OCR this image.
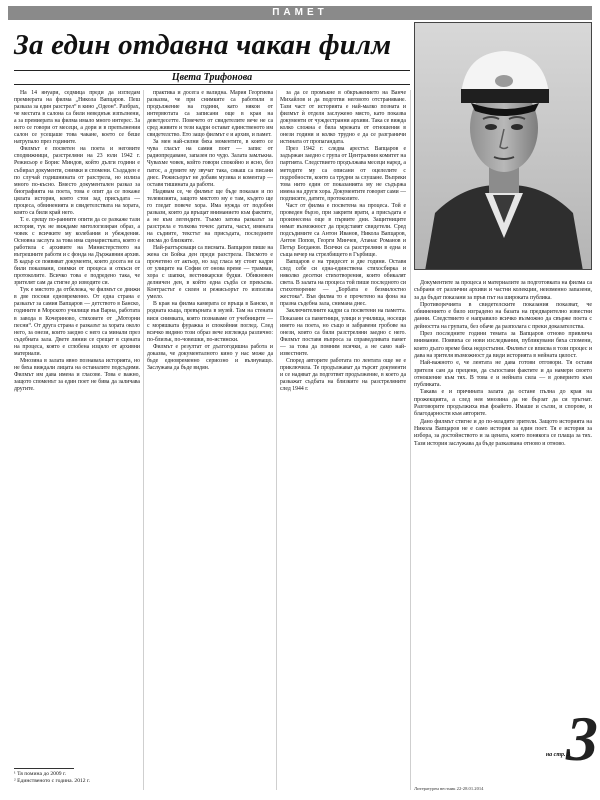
ПАМЕТ
За един отдавна чакан филм
Цвета Трифонова

На 14 януари, седмица преди да изгледам премиерата на филма „Никола Вапцаров. Пеш разказа за един разстрел“ в кино „Одеон“. Разбрах, че местата в салона са били неведнъж изпълнени, а за премиерата на филма имало много интерес. За него се говори от месеци, а дори и в препълнения салон се усещаше това чакане, което се беше натрупало през годините.

Филмът е посветен на поета и неговите сподвижници, разстреляни на 23 юли 1942 г. Режисьор е Борис Миндов, който дълги години е събирал документи, снимки и спомени. Създаден е по случай годишнината от разстрела, но излиза много по-късно. Вместо документален разказ за биографията на поета, това е опит да се покаже цялата история, която стои зад присъдата — процеса, обвиненията и свидетелствата на хората, които са били край него.

Т. е. срещу по-ранните опити да се разкаже тази история, тук не виждаме митологизиран образ, а човек с всичките му колебания и убеждения. Основна заслуга за това има сценаристката, която е работила с архивите на Министерството на вътрешните работи и с фонда на Държавния архив. В кадър се появяват документи, които досега не са били показвани, снимки от процеса и откъси от протоколите. Всичко това е подредено така, че зрителят сам да стигне до изводите си.

Тук е мястото да отбележа, че филмът се движи в две посоки едновременно. От една страна е разказът за самия Вапцаров — детството в Банско, годините в Морското училище във Варна, работата в завода в Кочериново, стиховете от „Моторни песни“. От друга страна е разказът за хората около него, за онези, които заедно с него са минали през съдебната зала. Двете линии се срещат в сцената на процеса, която е сглобена изцяло от архивни материали.

Мнозина в залата явно познаваха историята, но не бяха виждали лицата на останалите подсъдими. Филмът им дава имена и гласове. Това е важно, защото споменът за един поет не бива да заличава другите.

практика и досега е валидна. Мария Георгиева разказва, че при снимките са работили в продължение на години, като някои от интервютата са записани още в края на деветдесетте. Повечето от свидетелите вече не са сред живите и тези кадри остават единственото им свидетелство. Ето защо филмът е и архив, и памет.

За мен най-силни бяха моментите, в които се чува гласът на самия поет — запис от радиопредаване, запазен по чудо. Залата замлъкна. Чувахме човек, който говори спокойно и ясно, без патос, а думите му звучат така, сякаш са писани днес. Режисьорът не добавя музика и коментар — оставя тишината да работи.

Надявам се, че филмът ще бъде показан и по телевизията, защото мястото му е там, където ще го гледат повече хора. Има нужда от подобни разкази, които да връщат вниманието към фактите, а не към легендите. Тъкмо затова разказът за разстрела е толкова точен: датата, часът, имената на съдиите, текстът на присъдата, последните писма до близките.

Най-разтърсващи са писмата. Вапцаров пише на жена си Бойка ден преди разстрела. Писмото е прочетено от актьор, но зад гласа му стоят кадри от улиците на София от онова време — трамваи, хора с шапки, вестникарски будки. Обикновен делничен ден, в който една съдба се прекъсва. Контрастът е силен и режисьорът го използва умело.

В края на филма камерата се връща в Банско, в родната къща, превърната в музей. Там на стената виси снимката, която познаваме от учебниците — с моряшката фуражка и спокойния поглед. След всичко видяно този образ вече изглежда различно: по-близък, по-човешки, по-истински.

Филмът е резултат от дългогодишна работа и доказва, че документалното кино у нас може да бъде едновременно сериозно и вълнуващо. Заслужава да бъде видян.

за да се промъкне в обкръжението на Ванче Михайлов и да подготви неговото отстраняване. Тази част от историята е най-малко позната и филмът ѝ отделя заслужено място, като показва документи от чуждестранни архиви. Така се вижда колко сложна е била мрежата от отношения в онези години и колко трудно е да се разграничи истината от пропагандата.

През 1942 г. следва арестът. Вапцаров е задържан заедно с група от Централния комитет на партията. Следствието продължава месеци наред, а методите му са описани от оцелелите с подробности, които са трудни за слушане. Въпреки това нито един от показанията му не съдържа имена на други хора. Документите говорят сами — подписите, датите, протоколите.

Част от филма е посветена на процеса. Той е проведен бързо, при закрити врати, а присъдата е произнесена още в първите дни. Защитниците нямат възможност да представят свидетели. Сред подсъдимите са Антон Иванов, Никола Вапцаров, Антон Попов, Георги Минчев, Атанас Романов и Петър Богданов. Всички са разстреляни в една и съща вечер на стрелбището в Гърбище.

Вапцаров е на тридесет и две години. Оставя след себе си една-единствена стихосбирка и няколко десетки стихотворения, които обикалят света. В залата на процеса той пише последното си стихотворение — „Борбата е безмилостно жестока“. Във филма то е прочетено на фона на празна съдебна зала, снимана днес.

Заключителните кадри са посветени на паметта. Показани са паметници, улици и училища, носещи името на поета, но също и забравени гробове на онези, които са били разстреляни заедно с него. Филмът поставя въпроса за справедливата памет — за това да помним всички, а не само най-известните.

Според авторите работата по лентата още не е приключила. Те продължават да търсят документи и се надяват да подготвят продължение, в което да разкажат съдбата на близките на разстреляните след 1944 г.

Документите за процеса и материалите за подготовката на филма са събрани от различни архиви и частни колекции, неизменно запазени, за да бъдат показани за пръв път на широката публика.

Противоречията в свидетелските показания показват, че обвинението е било изградено на базата на предварително известни данни. Следствието е направило всичко възможно да свърже поета с дейността на групата, без обаче да разполага с преки доказателства.

През последните години темата за Вапцаров отново привлича внимание. Появиха се нови изследвания, публикувани бяха спомени, които дълго време бяха недостъпни. Филмът се вписва в този процес и дава на зрителя възможност да види историята в нейната цялост.

Най-важното е, че лентата не дава готови отговори. Тя оставя зрителя сам да прецени, да съпостави фактите и да намери своето отношение към тях. В това е и нейната сила — в доверието към публиката.

Такава е и причината залата да остане пълна до края на прожекцията, а след нея мнозина да не бързат да си тръгнат. Разговорите продължиха във фоайето. Имаше и сълзи, и спорове, и благодарности към авторите.

Дано филмът стигне и до по-младите зрители. Защото историята на Никола Вапцаров не е само история за един поет. Тя е история за избора, за достойнството и за цената, която понякога се плаща за тях. Тази история заслужава да бъде разказвана отново и отново.

¹ Тя помина до 2009 г.
² Единственото с година. 2012 г.
3
на стр. 5
Литературен вестник 22-28.01.2014
